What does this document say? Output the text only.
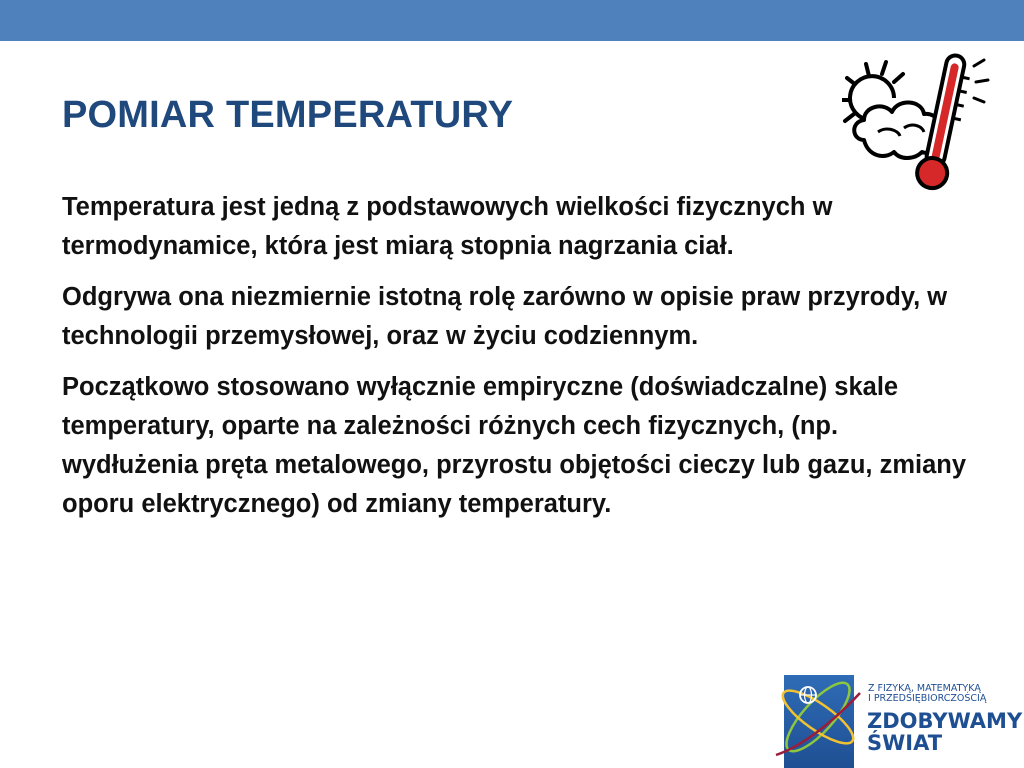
POMIAR TEMPERATURY

Temperatura jest jedną z podstawowych wielkości fizycznych w termodynamice, która jest miarą stopnia nagrzania ciał.

Odgrywa ona niezmiernie istotną rolę zarówno w opisie praw przyrody, w technologii przemysłowej, oraz w życiu codziennym.

Początkowo stosowano wyłącznie empiryczne (doświadczalne) skale temperatury, oparte na zależności różnych cech fizycznych, (np. wydłużenia pręta metalowego, przyrostu objętości cieczy lub gazu, zmiany oporu elektrycznego) od zmiany temperatury.

Z FIZYKĄ, MATEMATYKĄ
I PRZEDSIĘBIORCZOŚCIĄ
ZDOBYWAMY
ŚWIAT
